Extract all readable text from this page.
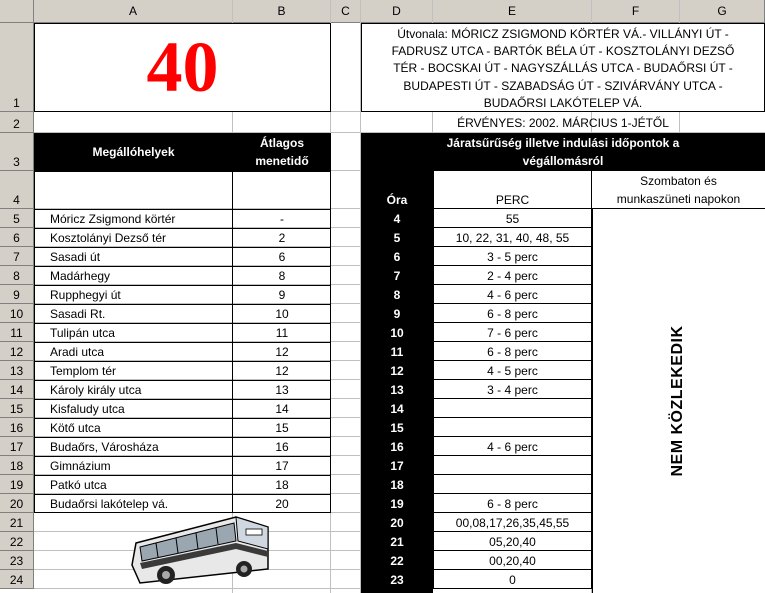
A	B	C	D	E	F	G
1
2
3
4
5
6
7
8
9
10
11
12
13
14
15
16
17
18
19
20
21
22
23
24
40	Útvonala: MÓRICZ ZSIGMOND KÖRTÉR VÁ.- VILLÁNYI ÚT -
FADRUSZ UTCA - BARTÓK BÉLA ÚT - KOSZTOLÁNYI DEZSŐ
TÉR - BOCSKAI ÚT - NAGYSZÁLLÁS UTCA - BUDAŐRSI ÚT -
BUDAPESTI ÚT - SZABADSÁG ÚT - SZIVÁRVÁNY UTCA -
BUDAŐRSI LAKÓTELEP VÁ.
ÉRVÉNYES: 2002. MÁRCIUS 1-JÉTŐL
Megállóhelyek
Átlagos
menetidő
Járatsűrűség illetve indulási időpontok a
végállomásról
Óra	PERC
Szombaton és
munkaszüneti napokon
Móricz Zsigmond körtér	-
Kosztolányi Dezső tér	2
Sasadi út	6
Madárhegy	8
Rupphegyi út	9
Sasadi Rt.	10
Tulipán utca	11
Aradi utca	12
Templom tér	12
Károly király utca	13
Kisfaludy utca	14
Kötő utca	15
Budaőrs, Városháza	16
Gimnázium	17
Patkó utca	18
Budaőrsi lakótelep vá.	20
4	55
5	10, 22, 31, 40, 48, 55
6	3 - 5 perc
7	2 - 4 perc
8	4 - 6 perc
9	6 - 8 perc
10	7 - 6 perc
11	6 - 8 perc
12	4 - 5 perc
13	3 - 4 perc
14
15
16	4 - 6 perc
17
18
19	6 - 8 perc
20	00,08,17,26,35,45,55
21	05,20,40
22	00,20,40
23	0
NEM KÖZLEKEDIK
